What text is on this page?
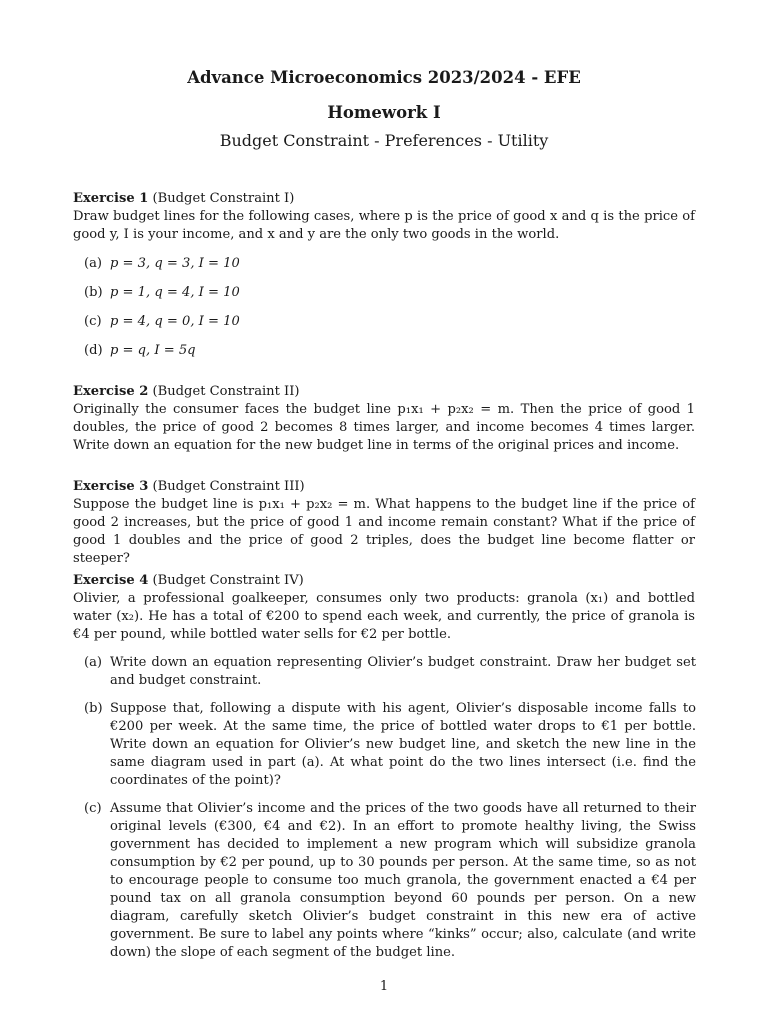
Advance Microeconomics 2023/2024 - EFE
Homework I
Budget Constraint - Preferences - Utility
Exercise 1 (Budget Constraint I)
Draw budget lines for the following cases, where p is the price of good x and q is the price of good y, I is your income, and x and y are the only two goods in the world.
(a) p = 3, q = 3, I = 10
(b) p = 1, q = 4, I = 10
(c) p = 4, q = 0, I = 10
(d) p = q, I = 5q
Exercise 2 (Budget Constraint II)
Originally the consumer faces the budget line p₁x₁ + p₂x₂ = m. Then the price of good 1 doubles, the price of good 2 becomes 8 times larger, and income becomes 4 times larger. Write down an equation for the new budget line in terms of the original prices and income.
Exercise 3 (Budget Constraint III)
Suppose the budget line is p₁x₁ + p₂x₂ = m. What happens to the budget line if the price of good 2 increases, but the price of good 1 and income remain constant? What if the price of good 1 doubles and the price of good 2 triples, does the budget line become flatter or steeper?
Exercise 4 (Budget Constraint IV)
Olivier, a professional goalkeeper, consumes only two products: granola (x₁) and bottled water (x₂). He has a total of €200 to spend each week, and currently, the price of granola is €4 per pound, while bottled water sells for €2 per bottle.
(a) Write down an equation representing Olivier’s budget constraint. Draw her budget set and budget constraint.
(b) Suppose that, following a dispute with his agent, Olivier’s disposable income falls to €200 per week. At the same time, the price of bottled water drops to €1 per bottle. Write down an equation for Olivier’s new budget line, and sketch the new line in the same diagram used in part (a). At what point do the two lines intersect (i.e. find the coordinates of the point)?
(c) Assume that Olivier’s income and the prices of the two goods have all returned to their original levels (€300, €4 and €2). In an effort to promote healthy living, the Swiss government has decided to implement a new program which will subsidize granola consumption by €2 per pound, up to 30 pounds per person. At the same time, so as not to encourage people to consume too much granola, the government enacted a €4 per pound tax on all granola consumption beyond 60 pounds per person. On a new diagram, carefully sketch Olivier’s budget constraint in this new era of active government. Be sure to label any points where “kinks” occur; also, calculate (and write down) the slope of each segment of the budget line.
1
